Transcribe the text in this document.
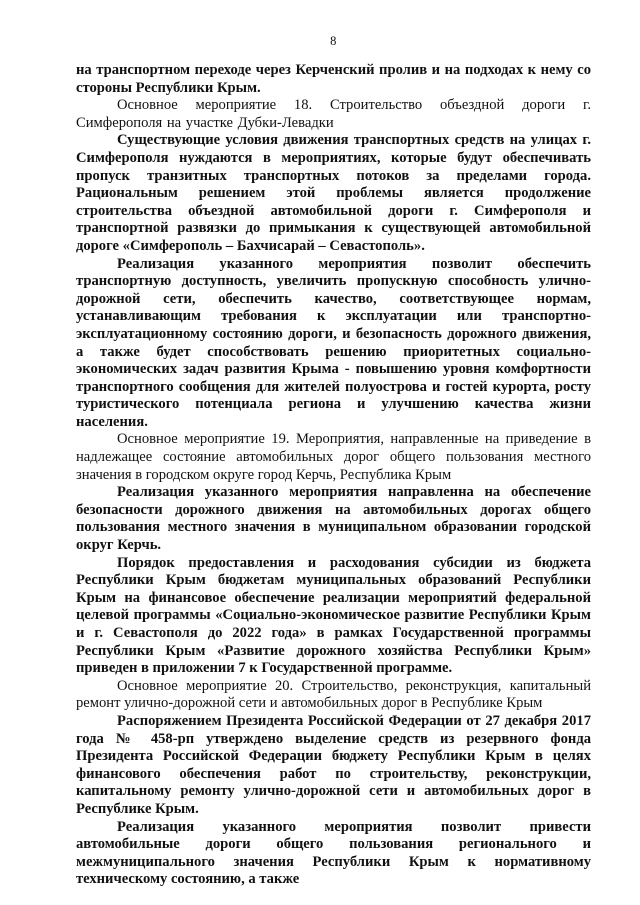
8

на транспортном переходе через Керченский пролив и на подходах к нему со стороны Республики Крым.

Основное мероприятие 18. Строительство объездной дороги г. Симферополя на участке Дубки-Левадки

Существующие условия движения транспортных средств на улицах г. Симферополя нуждаются в мероприятиях, которые будут обеспечивать пропуск транзитных транспортных потоков за пределами города. Рациональным решением этой проблемы является продолжение строительства объездной автомобильной дороги г. Симферополя и транспортной развязки до примыкания к существующей автомобильной дороге «Симферополь – Бахчисарай – Севастополь».

Реализация указанного мероприятия позволит обеспечить транспортную доступность, увеличить пропускную способность улично-дорожной сети, обеспечить качество, соответствующее нормам, устанавливающим требования к эксплуатации или транспортно-эксплуатационному состоянию дороги, и безопасность дорожного движения, а также будет способствовать решению приоритетных социально-экономических задач развития Крыма - повышению уровня комфортности транспортного сообщения для жителей полуострова и гостей курорта, росту туристического потенциала региона и улучшению качества жизни населения.

Основное мероприятие 19. Мероприятия, направленные на приведение в надлежащее состояние автомобильных дорог общего пользования местного значения в городском округе город Керчь, Республика Крым

Реализация указанного мероприятия направленна на обеспечение безопасности дорожного движения на автомобильных дорогах общего пользования местного значения в муниципальном образовании городской округ Керчь.

Порядок предоставления и расходования субсидии из бюджета Республики Крым бюджетам муниципальных образований Республики Крым на финансовое обеспечение реализации мероприятий федеральной целевой программы «Социально-экономическое развитие Республики Крым и г. Севастополя до 2022 года» в рамках Государственной программы Республики Крым «Развитие дорожного хозяйства Республики Крым» приведен в приложении 7 к Государственной программе.

Основное мероприятие 20. Строительство, реконструкция, капитальный ремонт улично-дорожной сети и автомобильных дорог в Республике Крым

Распоряжением Президента Российской Федерации от 27 декабря 2017 года № 458-рп утверждено выделение средств из резервного фонда Президента Российской Федерации бюджету Республики Крым в целях финансового обеспечения работ по строительству, реконструкции, капитальному ремонту улично-дорожной сети и автомобильных дорог в Республике Крым.

Реализация указанного мероприятия позволит привести автомобильные дороги общего пользования регионального и межмуниципального значения Республики Крым к нормативному техническому состоянию, а также
